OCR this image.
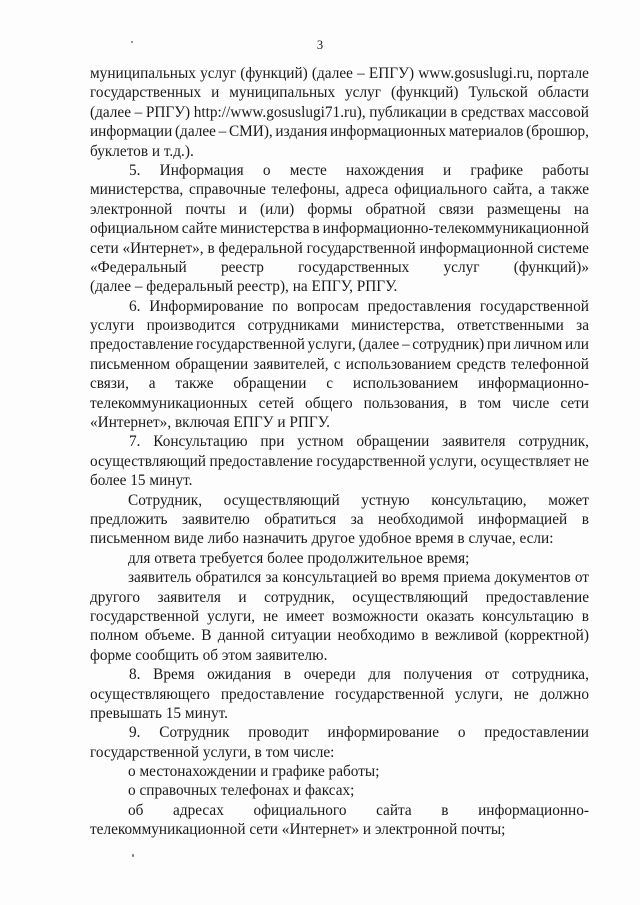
3
муниципальных услуг (функций) (далее – ЕПГУ) www.gosuslugi.ru, портале
государственных и муниципальных услуг (функций) Тульской области
(далее – РПГУ) http://www.gosuslugi71.ru), публикации в средствах массовой
информации (далее – СМИ), издания информационных материалов (брошюр,
буклетов и т.д.).
5. Информация о месте нахождения и графике работы
министерства, справочные телефоны, адреса официального сайта, а также
электронной почты и (или) формы обратной связи размещены на
официальном сайте министерства в информационно-телекоммуникационной
сети «Интернет», в федеральной государственной информационной системе
«Федеральный реестр государственных услуг (функций)»
(далее – федеральный реестр), на ЕПГУ, РПГУ.
6. Информирование по вопросам предоставления государственной
услуги производится сотрудниками министерства, ответственными за
предоставление государственной услуги, (далее – сотрудник) при личном или
письменном обращении заявителей, с использованием средств телефонной
связи, а также обращении с использованием информационно-
телекоммуникационных сетей общего пользования, в том числе сети
«Интернет», включая ЕПГУ и РПГУ.
7. Консультацию при устном обращении заявителя сотрудник,
осуществляющий предоставление государственной услуги, осуществляет не
более 15 минут.
Сотрудник, осуществляющий устную консультацию, может
предложить заявителю обратиться за необходимой информацией в
письменном виде либо назначить другое удобное время в случае, если:
для ответа требуется более продолжительное время;
заявитель обратился за консультацией во время приема документов от
другого заявителя и сотрудник, осуществляющий предоставление
государственной услуги, не имеет возможности оказать консультацию в
полном объеме. В данной ситуации необходимо в вежливой (корректной)
форме сообщить об этом заявителю.
8. Время ожидания в очереди для получения от сотрудника,
осуществляющего предоставление государственной услуги, не должно
превышать 15 минут.
9. Сотрудник проводит информирование о предоставлении
государственной услуги, в том числе:
о местонахождении и графике работы;
о справочных телефонах и факсах;
об адресах официального сайта в информационно-
телекоммуникационной сети «Интернет» и электронной почты;
